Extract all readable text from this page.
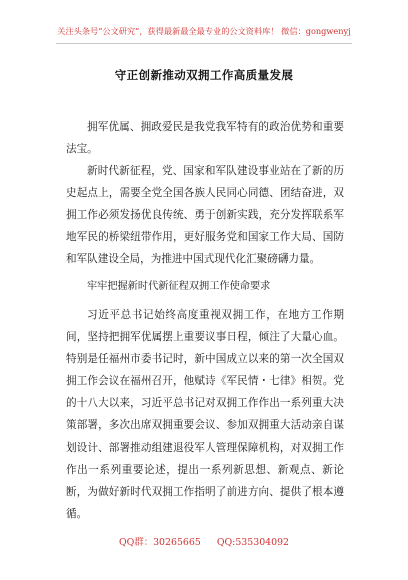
关注头条号“公文研究”，获得最新最全最专业的公文资料库！ 微信：gongwenyj
守正创新推动双拥工作高质量发展

拥军优属、拥政爱民是我党我军特有的政治优势和重要法宝。

新时代新征程，党、国家和军队建设事业站在了新的历史起点上，需要全党全国各族人民同心同德、团结奋进，双拥工作必须发扬优良传统、勇于创新实践，充分发挥联系军地军民的桥梁纽带作用，更好服务党和国家工作大局、国防和军队建设全局，为推进中国式现代化汇聚磅礴力量。

牢牢把握新时代新征程双拥工作使命要求

习近平总书记始终高度重视双拥工作，在地方工作期间，坚持把拥军优属摆上重要议事日程，倾注了大量心血。特别是任福州市委书记时，新中国成立以来的第一次全国双拥工作会议在福州召开，他赋诗《军民情・七律》相贺。党的十八大以来，习近平总书记对双拥工作作出一系列重大决策部署，多次出席双拥重要会议、参加双拥重大活动亲自谋划设计、部署推动组建退役军人管理保障机构，对双拥工作作出一系列重要论述，提出一系列新思想、新观点、新论断，为做好新时代双拥工作指明了前进方向、提供了根本遵循。

QQ群：30265665 QQ:535304092
